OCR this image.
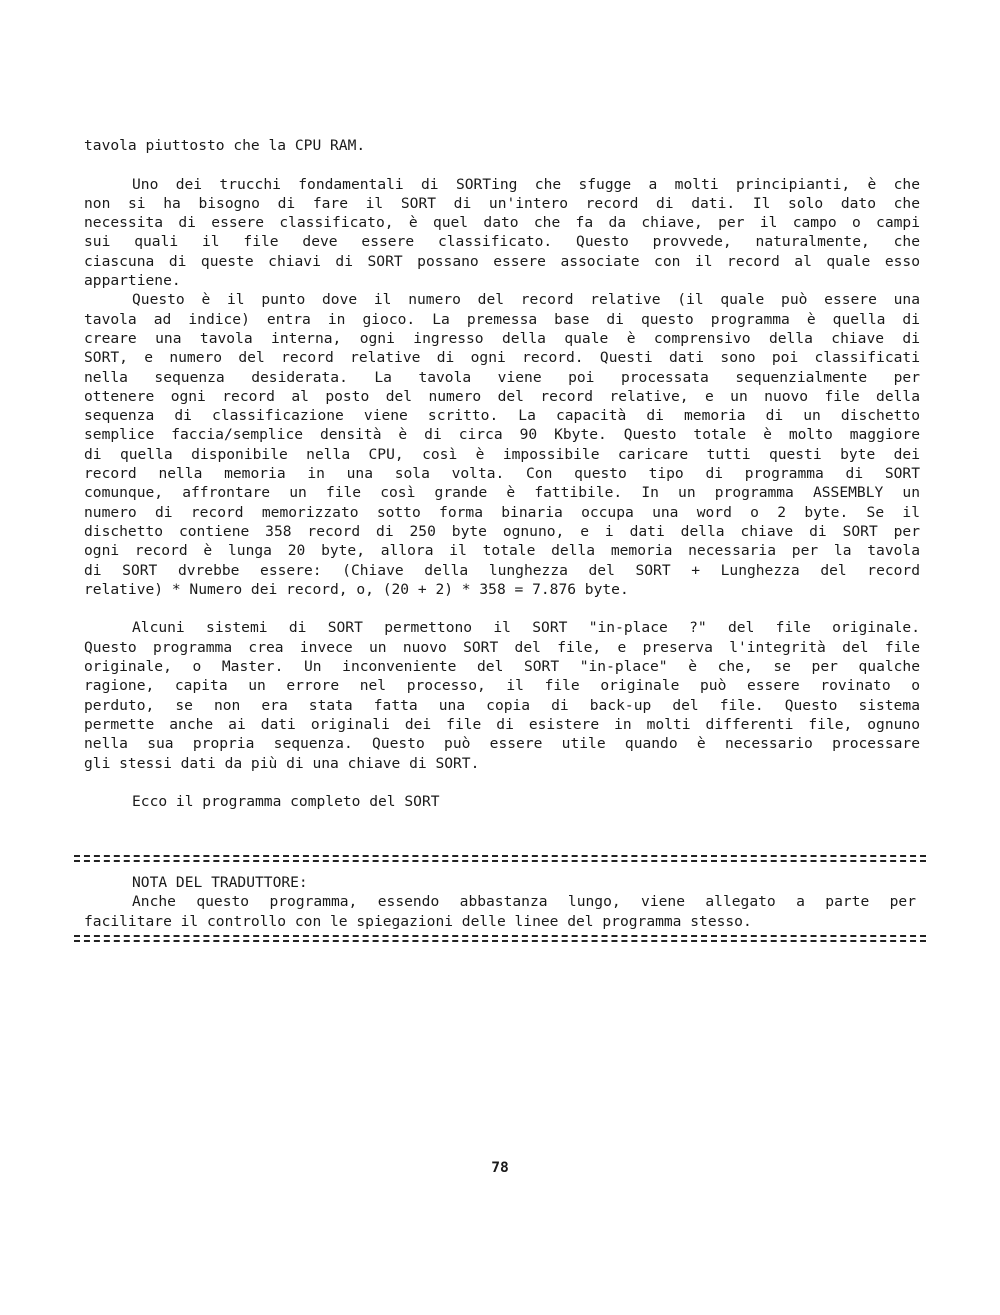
tavola piuttosto che la CPU RAM.
Uno dei trucchi fondamentali di SORTing che sfugge a molti principianti, è che
non si ha bisogno di fare il SORT di un'intero record di dati. Il solo dato che
necessita di essere classificato, è quel dato che fa da chiave, per il campo o campi
sui quali il file deve essere classificato. Questo provvede, naturalmente, che
ciascuna di queste chiavi di SORT possano essere associate con il record al quale esso
appartiene.
Questo è il punto dove il numero del record relative (il quale può essere una
tavola ad indice) entra in gioco. La premessa base di questo programma è quella di
creare una tavola interna, ogni ingresso della quale è comprensivo della chiave di
SORT, e numero del record relative di ogni record. Questi dati sono poi classificati
nella sequenza desiderata. La tavola viene poi processata sequenzialmente per
ottenere ogni record al posto del numero del record relative, e un nuovo file della
sequenza di classificazione viene scritto. La capacità di memoria di un dischetto
semplice faccia/semplice densità è di circa 90 Kbyte. Questo totale è molto maggiore
di quella disponibile nella CPU, così è impossibile caricare tutti questi byte dei
record nella memoria in una sola volta. Con questo tipo di programma di SORT
comunque, affrontare un file così grande è fattibile. In un programma ASSEMBLY un
numero di record memorizzato sotto forma binaria occupa una word o 2 byte. Se il
dischetto contiene 358 record di 250 byte ognuno, e i dati della chiave di SORT per
ogni record è lunga 20 byte, allora il totale della memoria necessaria per la tavola
di SORT dvrebbe essere: (Chiave della lunghezza del SORT + Lunghezza del record
relative) * Numero dei record, o, (20 + 2) * 358 = 7.876 byte.
Alcuni sistemi di SORT permettono il SORT "in-place ?" del file originale.
Questo programma crea invece un nuovo SORT del file, e preserva l'integrità del file
originale, o Master. Un inconveniente del SORT "in-place" è che, se per qualche
ragione, capita un errore nel processo, il file originale può essere rovinato o
perduto, se non era stata fatta una copia di back-up del file. Questo sistema
permette anche ai dati originali dei file di esistere in molti differenti file, ognuno
nella sua propria sequenza. Questo può essere utile quando è necessario processare
gli stessi dati da più di una chiave di SORT.
Ecco il programma completo del SORT
NOTA DEL TRADUTTORE:
Anche questo programma, essendo abbastanza lungo, viene allegato a parte per
facilitare il controllo con le spiegazioni delle linee del programma stesso.
78
